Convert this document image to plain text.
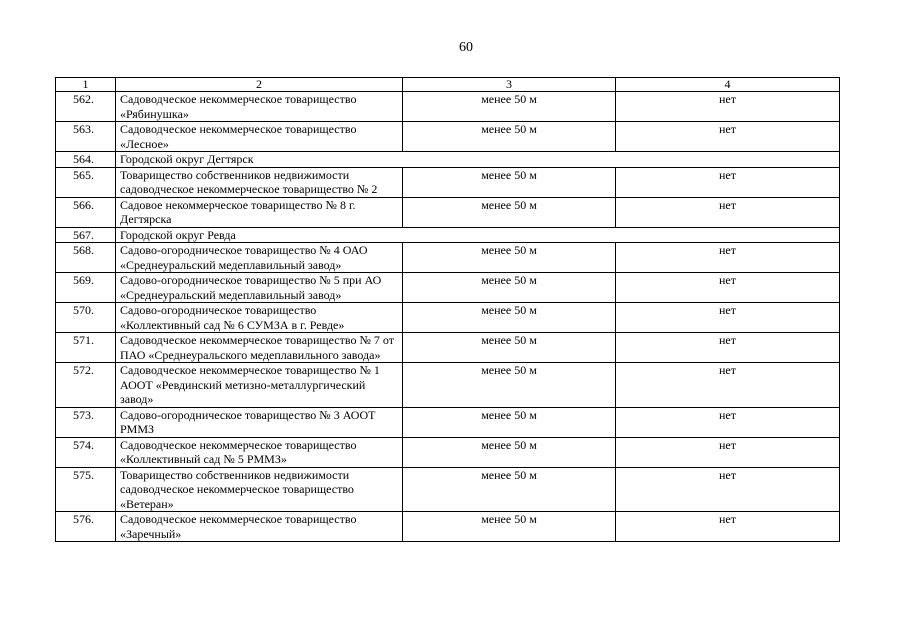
60
1	2	3	4
562.	Садоводческое некоммерческое товарищество «Рябинушка»	менее 50 м	нет
563.	Садоводческое некоммерческое товарищество «Лесное»	менее 50 м	нет
564.	Городской округ Дегтярск		
565.	Товарищество собственников недвижимости садоводческое некоммерческое товарищество № 2	менее 50 м	нет
566.	Садовое некоммерческое товарищество № 8 г. Дегтярска	менее 50 м	нет
567.	Городской округ Ревда		
568.	Садово-огородническое товарищество № 4 ОАО «Среднеуральский медеплавильный завод»	менее 50 м	нет
569.	Садово-огородническое товарищество № 5 при АО «Среднеуральский медеплавильный завод»	менее 50 м	нет
570.	Садово-огородническое товарищество «Коллективный сад № 6 СУМЗА в г. Ревде»	менее 50 м	нет
571.	Садоводческое некоммерческое товарищество № 7 от ПАО «Среднеуральского медеплавильного завода»	менее 50 м	нет
572.	Садоводческое некоммерческое товарищество № 1 АООТ «Ревдинский метизно-металлургический завод»	менее 50 м	нет
573.	Садово-огородническое товарищество № 3 АООТ РММЗ	менее 50 м	нет
574.	Садоводческое некоммерческое товарищество «Коллективный сад № 5 РММЗ»	менее 50 м	нет
575.	Товарищество собственников недвижимости садоводческое некоммерческое товарищество «Ветеран»	менее 50 м	нет
576.	Садоводческое некоммерческое товарищество «Заречный»	менее 50 м	нет
